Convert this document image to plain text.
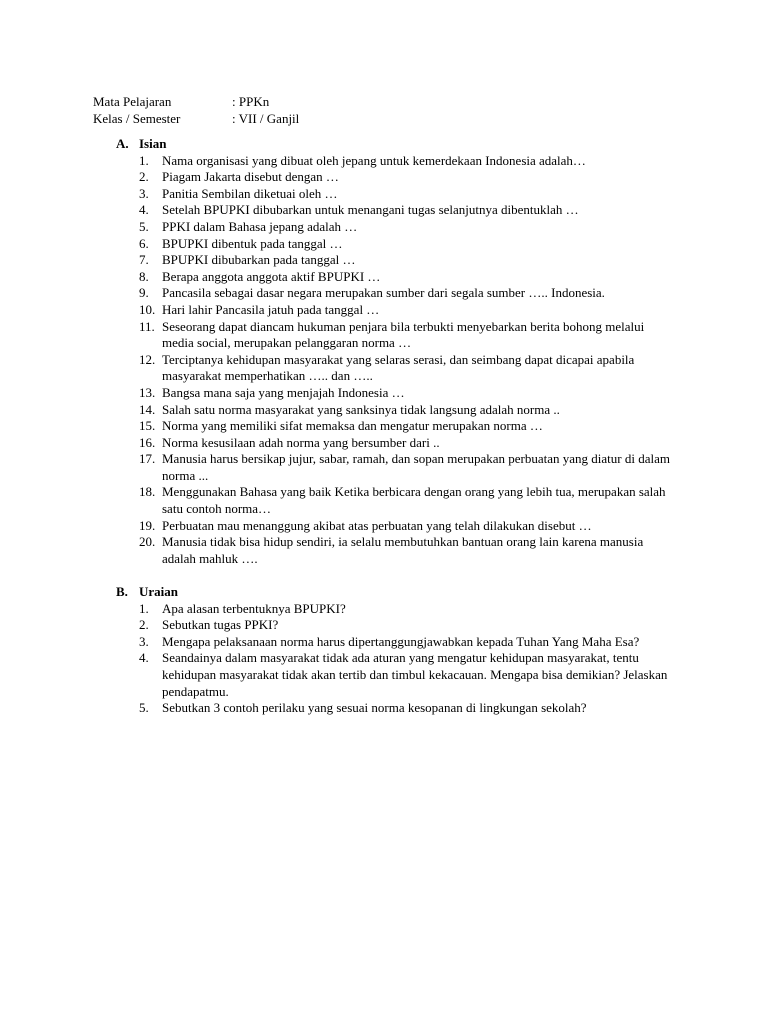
Mata Pelajaran	: PPKn
Kelas / Semester	: VII / Ganjil
A. Isian
1.	Nama organisasi yang dibuat oleh jepang untuk kemerdekaan Indonesia adalah…
2.	Piagam Jakarta disebut dengan …
3.	Panitia Sembilan diketuai oleh …
4.	Setelah BPUPKI dibubarkan untuk menangani tugas selanjutnya dibentuklah …
5.	PPKI dalam Bahasa jepang adalah …
6.	BPUPKI dibentuk pada tanggal …
7.	BPUPKI dibubarkan pada tanggal …
8.	Berapa anggota anggota aktif BPUPKI …
9.	Pancasila sebagai dasar negara merupakan sumber dari segala sumber ….. Indonesia.
10. Hari lahir Pancasila jatuh pada tanggal …
11. Seseorang dapat diancam hukuman penjara bila terbukti menyebarkan berita bohong melalui media social, merupakan pelanggaran norma …
12. Terciptanya kehidupan masyarakat yang selaras serasi, dan seimbang dapat dicapai apabila masyarakat memperhatikan ….. dan …..
13. Bangsa mana saja yang menjajah Indonesia …
14. Salah satu norma masyarakat yang sanksinya tidak langsung adalah norma ..
15. Norma yang memiliki sifat memaksa dan mengatur merupakan norma …
16. Norma kesusilaan adah norma yang bersumber dari ..
17. Manusia harus bersikap jujur, sabar, ramah, dan sopan merupakan perbuatan yang diatur di dalam norma ...
18. Menggunakan Bahasa yang baik Ketika berbicara dengan orang yang lebih tua, merupakan salah satu contoh norma…
19. Perbuatan mau menanggung akibat atas perbuatan yang telah dilakukan disebut …
20. Manusia tidak bisa hidup sendiri, ia selalu membutuhkan bantuan orang lain karena manusia adalah mahluk ….
B. Uraian
1.	Apa alasan terbentuknya BPUPKI?
2.	Sebutkan tugas PPKI?
3.	Mengapa pelaksanaan norma harus dipertanggungjawabkan kepada Tuhan Yang Maha Esa?
4.	Seandainya dalam masyarakat tidak ada aturan yang mengatur kehidupan masyarakat, tentu kehidupan masyarakat tidak akan tertib dan timbul kekacauan. Mengapa bisa demikian? Jelaskan pendapatmu.
5.	Sebutkan 3 contoh perilaku yang sesuai norma kesopanan di lingkungan sekolah?
